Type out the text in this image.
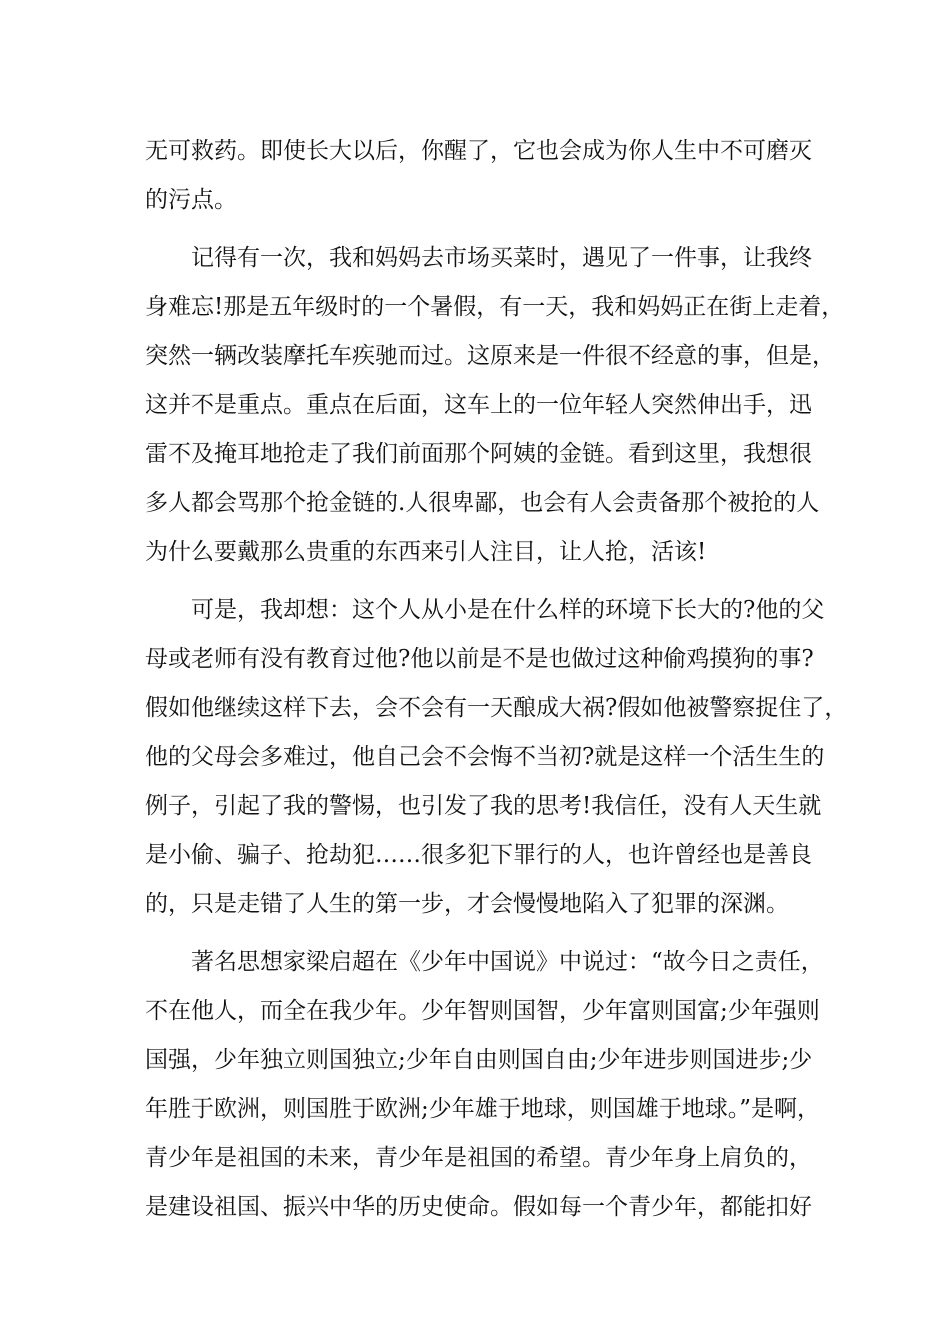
无可救药。即使长大以后，你醒了，它也会成为你人生中不可磨灭
的污点。
记得有一次，我和妈妈去市场买菜时，遇见了一件事，让我终
身难忘!那是五年级时的一个暑假，有一天，我和妈妈正在街上走着，
突然一辆改装摩托车疾驰而过。这原来是一件很不经意的事，但是，
这并不是重点。重点在后面，这车上的一位年轻人突然伸出手，迅
雷不及掩耳地抢走了我们前面那个阿姨的金链。看到这里，我想很
多人都会骂那个抢金链的.人很卑鄙，也会有人会责备那个被抢的人
为什么要戴那么贵重的东西来引人注目，让人抢，活该!
可是，我却想：这个人从小是在什么样的环境下长大的?他的父
母或老师有没有教育过他?他以前是不是也做过这种偷鸡摸狗的事?
假如他继续这样下去，会不会有一天酿成大祸?假如他被警察捉住了，
他的父母会多难过，他自己会不会悔不当初?就是这样一个活生生的
例子，引起了我的警惕，也引发了我的思考!我信任，没有人天生就
是小偷、骗子、抢劫犯……很多犯下罪行的人，也许曾经也是善良
的，只是走错了人生的第一步，才会慢慢地陷入了犯罪的深渊。
著名思想家梁启超在《少年中国说》中说过：“故今日之责任，
不在他人，而全在我少年。少年智则国智，少年富则国富;少年强则
国强，少年独立则国独立;少年自由则国自由;少年进步则国进步;少
年胜于欧洲，则国胜于欧洲;少年雄于地球，则国雄于地球。”是啊，
青少年是祖国的未来，青少年是祖国的希望。青少年身上肩负的，
是建设祖国、振兴中华的历史使命。假如每一个青少年，都能扣好
